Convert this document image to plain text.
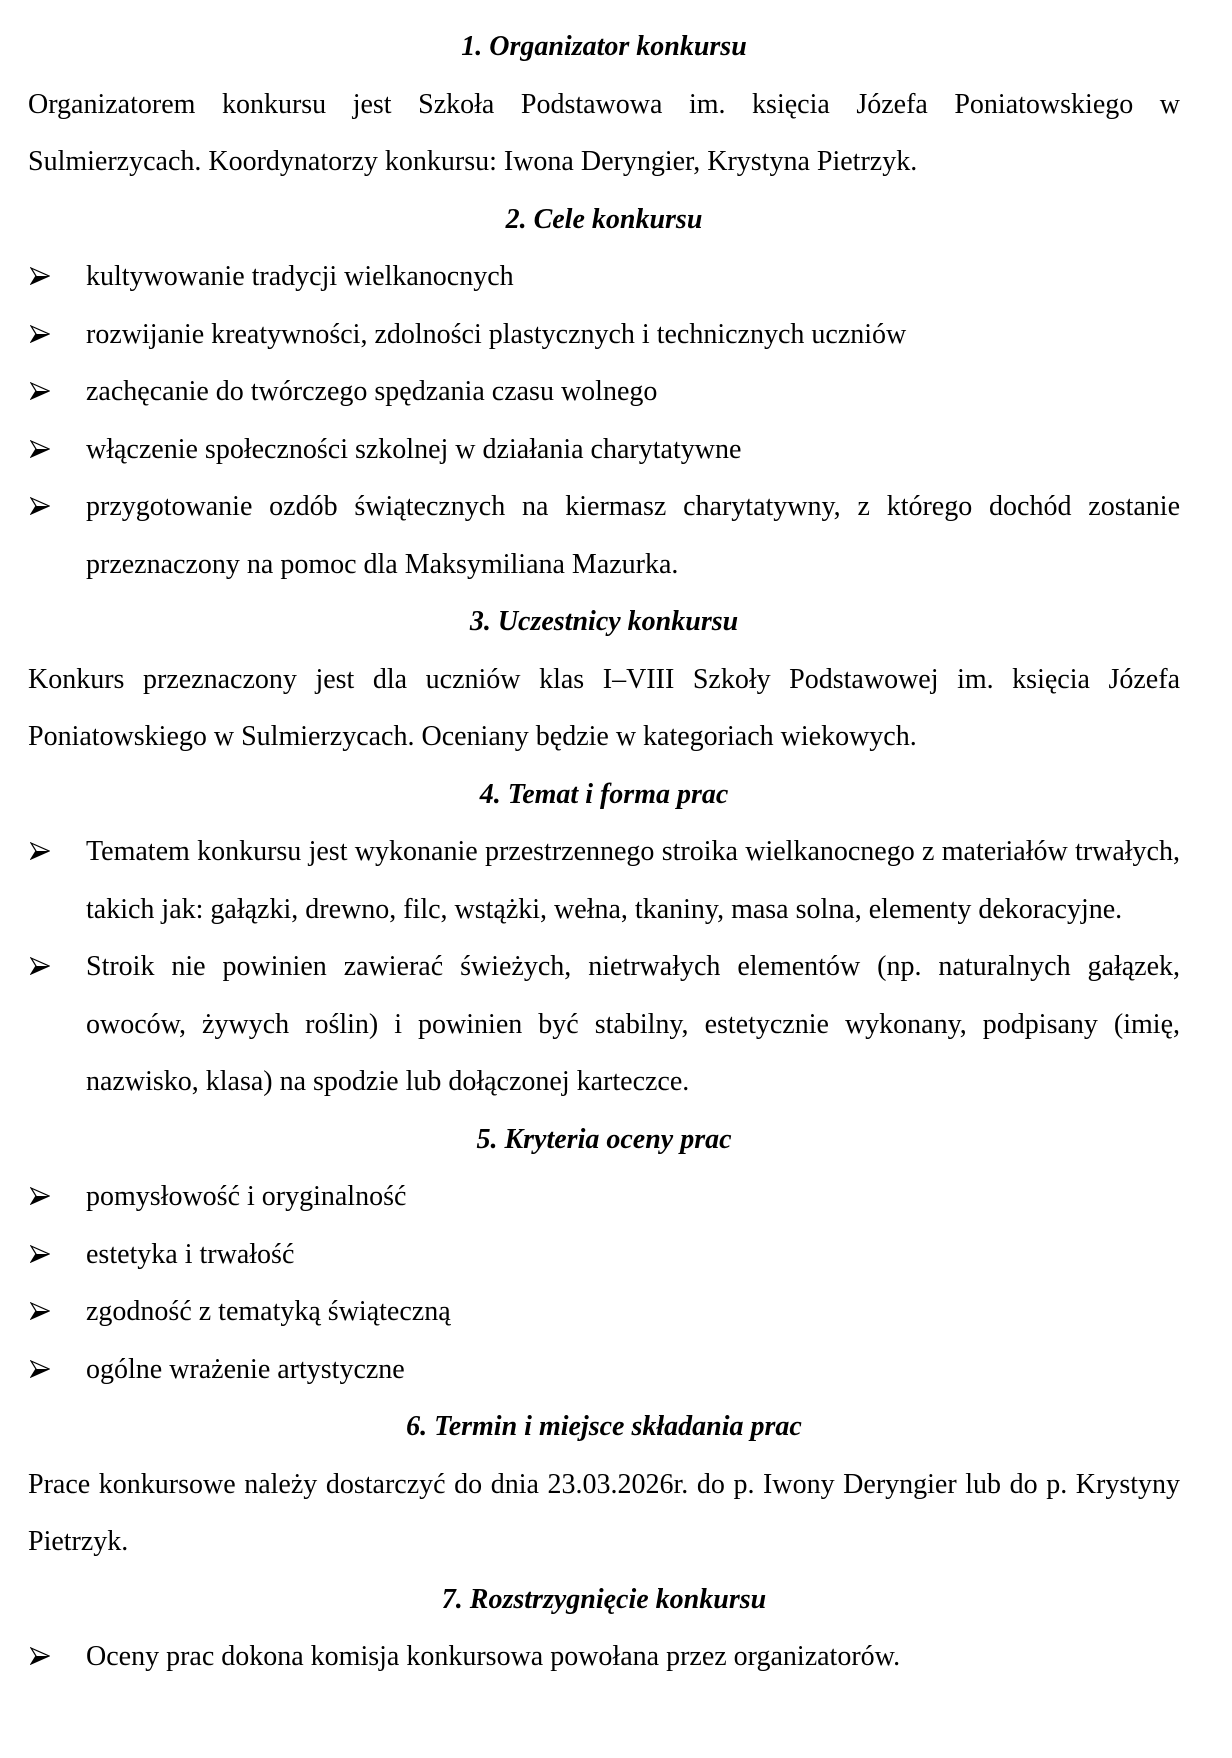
1. Organizator konkursu

Organizatorem konkursu jest Szkoła Podstawowa im. księcia Józefa Poniatowskiego w Sulmierzycach. Koordynatorzy konkursu: Iwona Deryngier, Krystyna Pietrzyk.

2. Cele konkursu
kultywowanie tradycji wielkanocnych
rozwijanie kreatywności, zdolności plastycznych i technicznych uczniów
zachęcanie do twórczego spędzania czasu wolnego
włączenie społeczności szkolnej w działania charytatywne
przygotowanie ozdób świątecznych na kiermasz charytatywny, z którego dochód zostanie przeznaczony na pomoc dla Maksymiliana Mazurka.
3. Uczestnicy konkursu

Konkurs przeznaczony jest dla uczniów klas I–VIII Szkoły Podstawowej im. księcia Józefa Poniatowskiego w Sulmierzycach. Oceniany będzie w kategoriach wiekowych.

4. Temat i forma prac
Tematem konkursu jest wykonanie przestrzennego stroika wielkanocnego z materiałów trwałych, takich jak: gałązki, drewno, filc, wstążki, wełna, tkaniny, masa solna, elementy dekoracyjne.
Stroik nie powinien zawierać świeżych, nietrwałych elementów (np. naturalnych gałązek, owoców, żywych roślin) i powinien być stabilny, estetycznie wykonany, podpisany (imię, nazwisko, klasa) na spodzie lub dołączonej karteczce.
5. Kryteria oceny prac
pomysłowość i oryginalność
estetyka i trwałość
zgodność z tematyką świąteczną
ogólne wrażenie artystyczne
6. Termin i miejsce składania prac

Prace konkursowe należy dostarczyć do dnia 23.03.2026r. do p. Iwony Deryngier lub do p. Krystyny Pietrzyk.

7. Rozstrzygnięcie konkursu
Oceny prac dokona komisja konkursowa powołana przez organizatorów.
